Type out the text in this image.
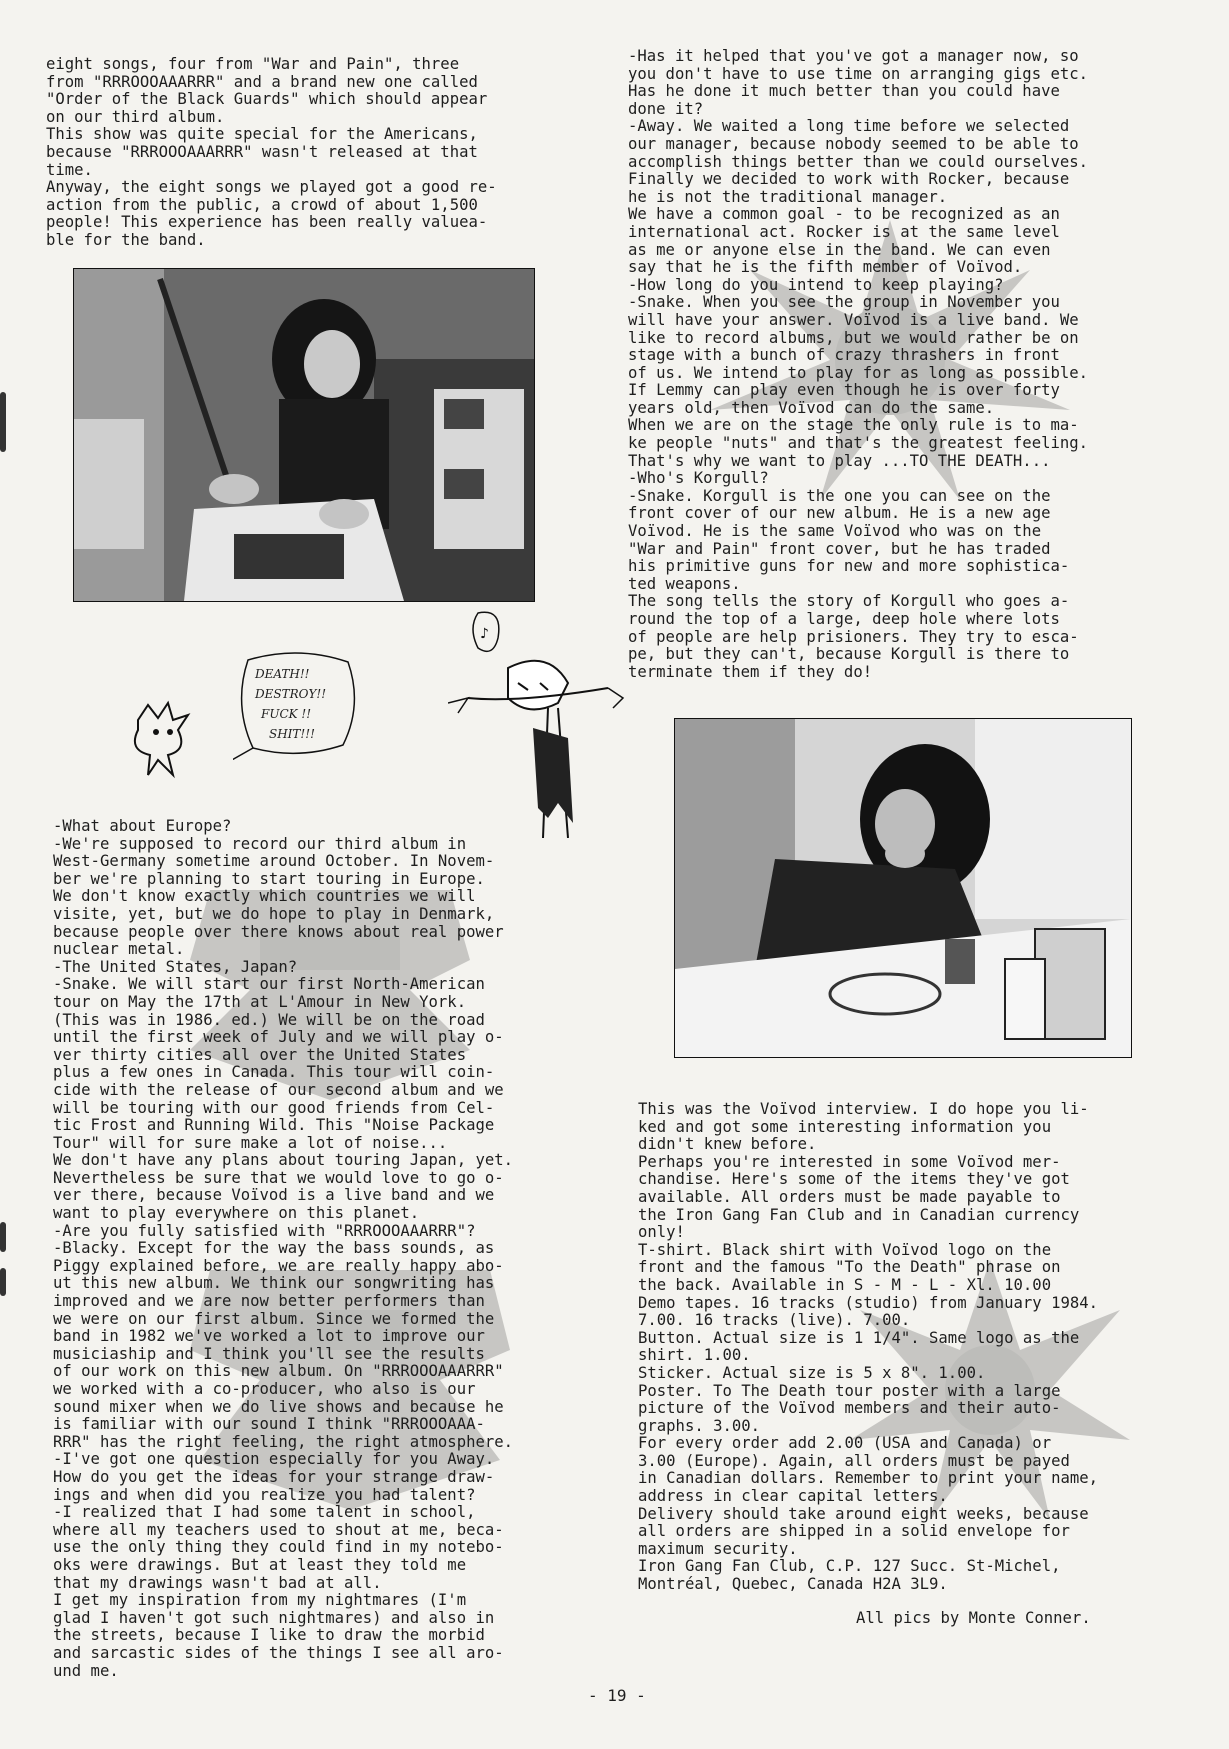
eight songs, four from "War and Pain", three

from "RRROOOAAARRR" and a brand new one called

"Order of the Black Guards" which should appear

on our third album.

This show was quite special for the Americans,

because "RRROOOAAARRR" wasn't released at that

time.

Anyway, the eight songs we played got a good re-

action from the public, a crowd of about 1,500

people! This experience has been really valuea-

ble for the band.

-What about Europe?

-We're supposed to record our third album in

West-Germany sometime around October. In Novem-

ber we're planning to start touring in Europe.

We don't know exactly which countries we will

visite, yet, but we do hope to play in Denmark,

because people over there knows about real power

nuclear metal.

-The United States, Japan?

-Snake. We will start our first North-American

tour on May the 17th at L'Amour in New York.

(This was in 1986. ed.) We will be on the road

until the first week of July and we will play o-

ver thirty cities all over the United States

plus a few ones in Canada. This tour will coin-

cide with the release of our second album and we

will be touring with our good friends from Cel-

tic Frost and Running Wild. This "Noise Package

Tour" will for sure make a lot of noise...

We don't have any plans about touring Japan, yet.

Nevertheless be sure that we would love to go o-

ver there, because Voïvod is a live band and we

want to play everywhere on this planet.

-Are you fully satisfied with "RRROOOAAARRR"?

-Blacky. Except for the way the bass sounds, as

Piggy explained before, we are really happy abo-

ut this new album. We think our songwriting has

improved and we are now better performers than

we were on our first album. Since we formed the

band in 1982 we've worked a lot to improve our

musiciaship and I think you'll see the results

of our work on this new album. On "RRROOOAAARRR"

we worked with a co-producer, who also is our

sound mixer when we do live shows and because he

is familiar with our sound I think "RRROOOAAA-

RRR" has the right feeling, the right atmosphere.

-I've got one question especially for you Away.

How do you get the ideas for your strange draw-

ings and when did you realize you had talent?

-I realized that I had some talent in school,

where all my teachers used to shout at me, beca-

use the only thing they could find in my notebo-

oks were drawings. But at least they told me

that my drawings wasn't bad at all.

I get my inspiration from my nightmares (I'm

glad I haven't got such nightmares) and also in

the streets, because I like to draw the morbid

and sarcastic sides of the things I see all aro-

und me.

-Has it helped that you've got a manager now, so

you don't have to use time on arranging gigs etc.

Has he done it much better than you could have

done it?

-Away. We waited a long time before we selected

our manager, because nobody seemed to be able to

accomplish things better than we could ourselves.

Finally we decided to work with Rocker, because

he is not the traditional manager.

We have a common goal - to be recognized as an

international act. Rocker is at the same level

as me or anyone else in the band. We can even

say that he is the fifth member of Voïvod.

-How long do you intend to keep playing?

-Snake. When you see the group in November you

will have your answer. Voïvod is a live band. We

like to record albums, but we would rather be on

stage with a bunch of crazy thrashers in front

of us. We intend to play for as long as possible.

If Lemmy can play even though he is over forty

years old, then Voïvod can do the same.

When we are on the stage the only rule is to ma-

ke people "nuts" and that's the greatest feeling.

That's why we want to play ...TO THE DEATH...

-Who's Korgull?

-Snake. Korgull is the one you can see on the

front cover of our new album. He is a new age

Voïvod. He is the same Voïvod who was on the

"War and Pain" front cover, but he has traded

his primitive guns for new and more sophistica-

ted weapons.

The song tells the story of Korgull who goes a-

round the top of a large, deep hole where lots

of people are help prisioners. They try to esca-

pe, but they can't, because Korgull is there to

terminate them if they do!

This was the Voïvod interview. I do hope you li-

ked and got some interesting information you

didn't knew before.

Perhaps you're interested in some Voïvod mer-

chandise. Here's some of the items they've got

available. All orders must be made payable to

the Iron Gang Fan Club and in Canadian currency

only!

T-shirt. Black shirt with Voïvod logo on the

front and the famous "To the Death" phrase on

the back. Available in S - M - L - Xl. 10.00

Demo tapes. 16 tracks (studio) from January 1984.

7.00. 16 tracks (live). 7.00.

Button. Actual size is 1 1/4". Same logo as the

shirt. 1.00.

Sticker. Actual size is 5 x 8". 1.00.

Poster. To The Death tour poster with a large

picture of the Voïvod members and their auto-

graphs. 3.00.

For every order add 2.00 (USA and Canada) or

3.00 (Europe). Again, all orders must be payed

in Canadian dollars. Remember to print your name,

address in clear capital letters.

Delivery should take around eight weeks, because

all orders are shipped in a solid envelope for

maximum security.

Iron Gang Fan Club, C.P. 127 Succ. St-Michel,

Montréal, Quebec, Canada H2A 3L9.

DEATH!!
DESTROY!!
FUCK !!
SHIT!!!
♪
All pics by Monte Conner.
- 19 -
